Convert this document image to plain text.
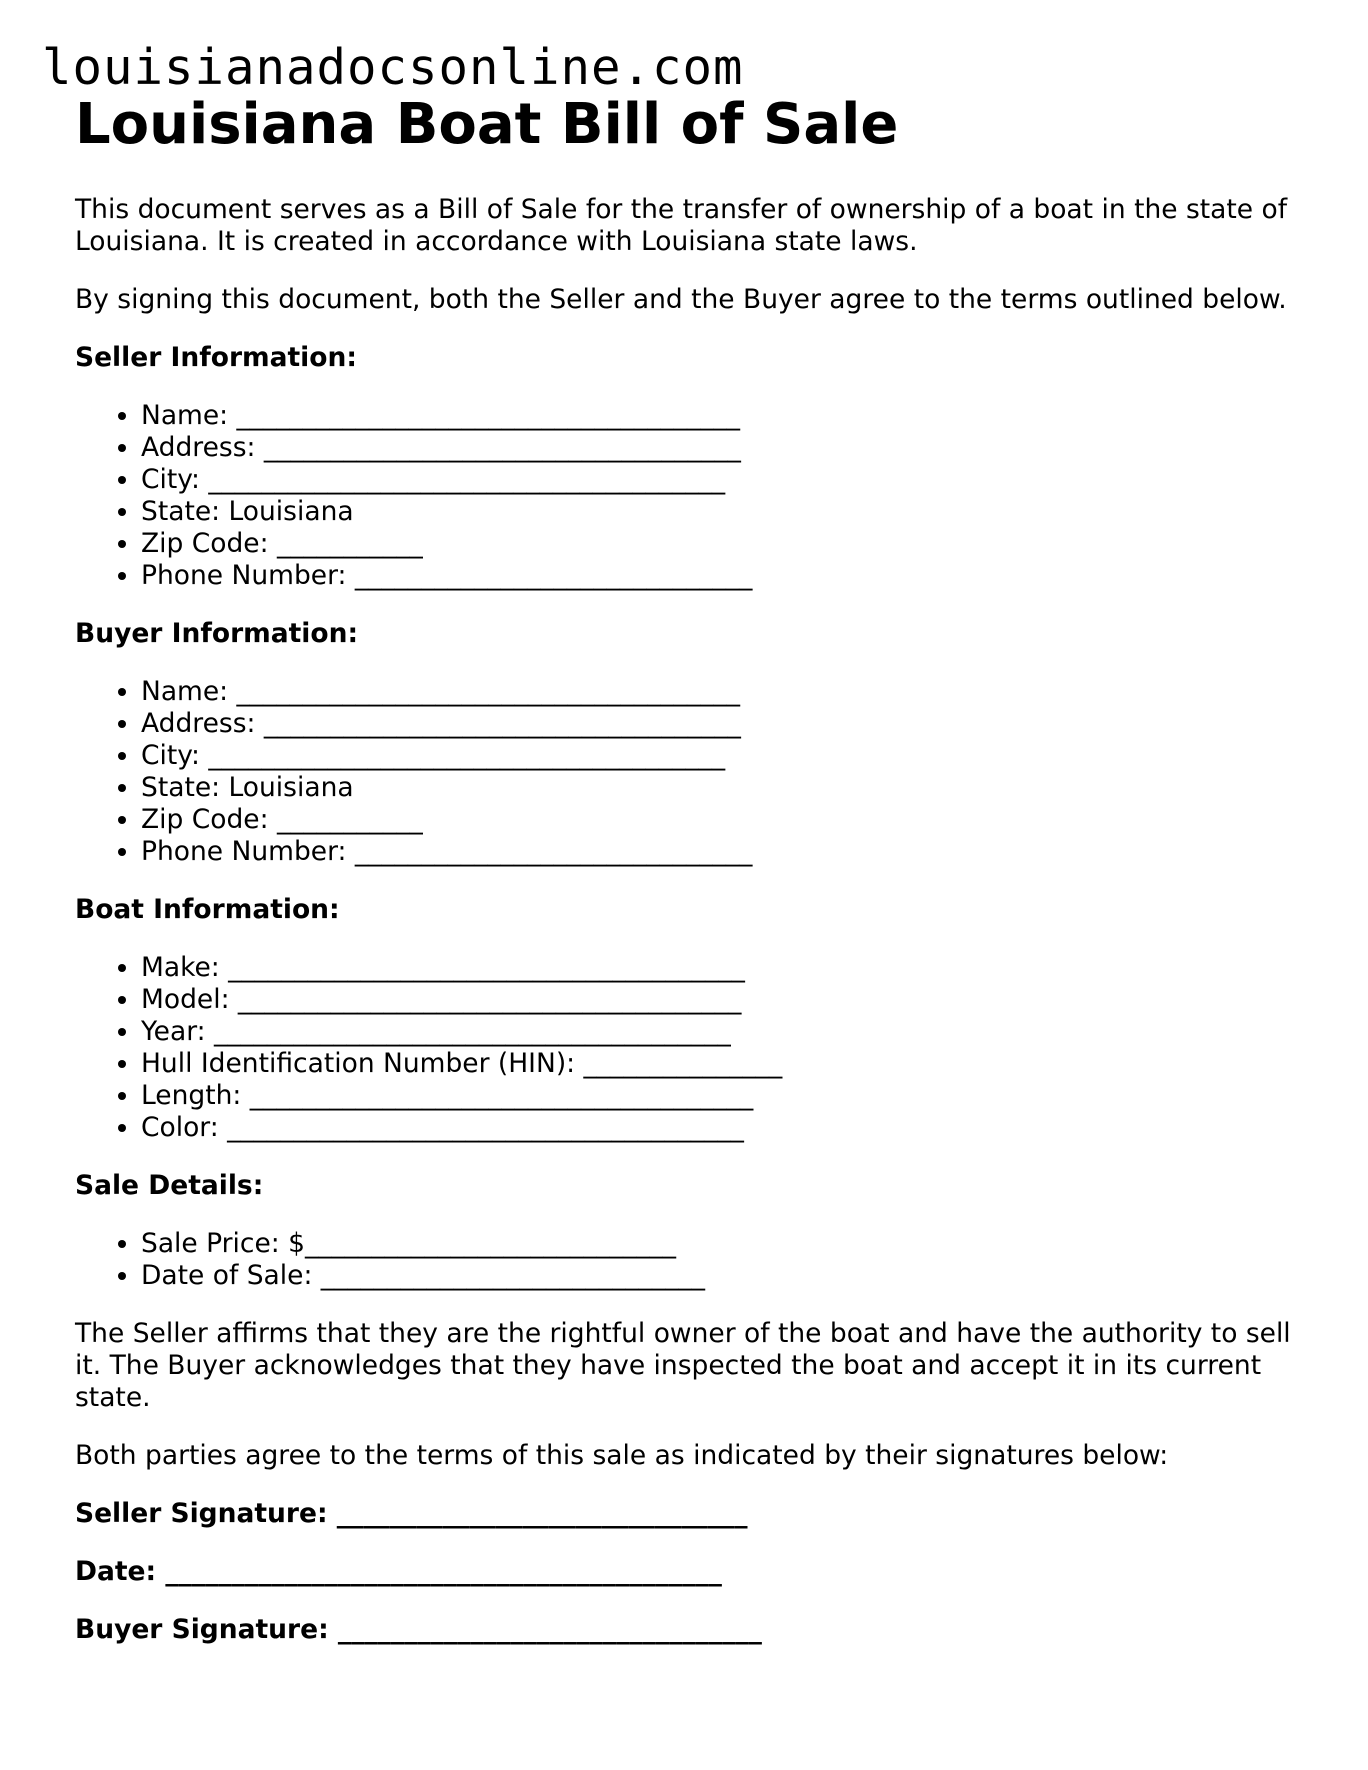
louisianadocsonline.com
Louisiana Boat Bill of Sale

This document serves as a Bill of Sale for the transfer of ownership of a boat in the state of Louisiana. It is created in accordance with Louisiana state laws.

By signing this document, both the Seller and the Buyer agree to the terms outlined below.

Seller Information:

• Name: ______________________________________
• Address: ____________________________________
• City: _______________________________________
• State: Louisiana
• Zip Code: ___________
• Phone Number: ______________________________

Buyer Information:

• Name: ______________________________________
• Address: ____________________________________
• City: _______________________________________
• State: Louisiana
• Zip Code: ___________
• Phone Number: ______________________________

Boat Information:

• Make: _______________________________________
• Model: ______________________________________
• Year: _______________________________________
• Hull Identification Number (HIN): _______________
• Length: ______________________________________
• Color: _______________________________________

Sale Details:

• Sale Price: $____________________________
• Date of Sale: _____________________________

The Seller affirms that they are the rightful owner of the boat and have the authority to sell it. The Buyer acknowledges that they have inspected the boat and accept it in its current state.

Both parties agree to the terms of this sale as indicated by their signatures below:

Seller Signature: _______________________________

Date: __________________________________________

Buyer Signature: ________________________________
